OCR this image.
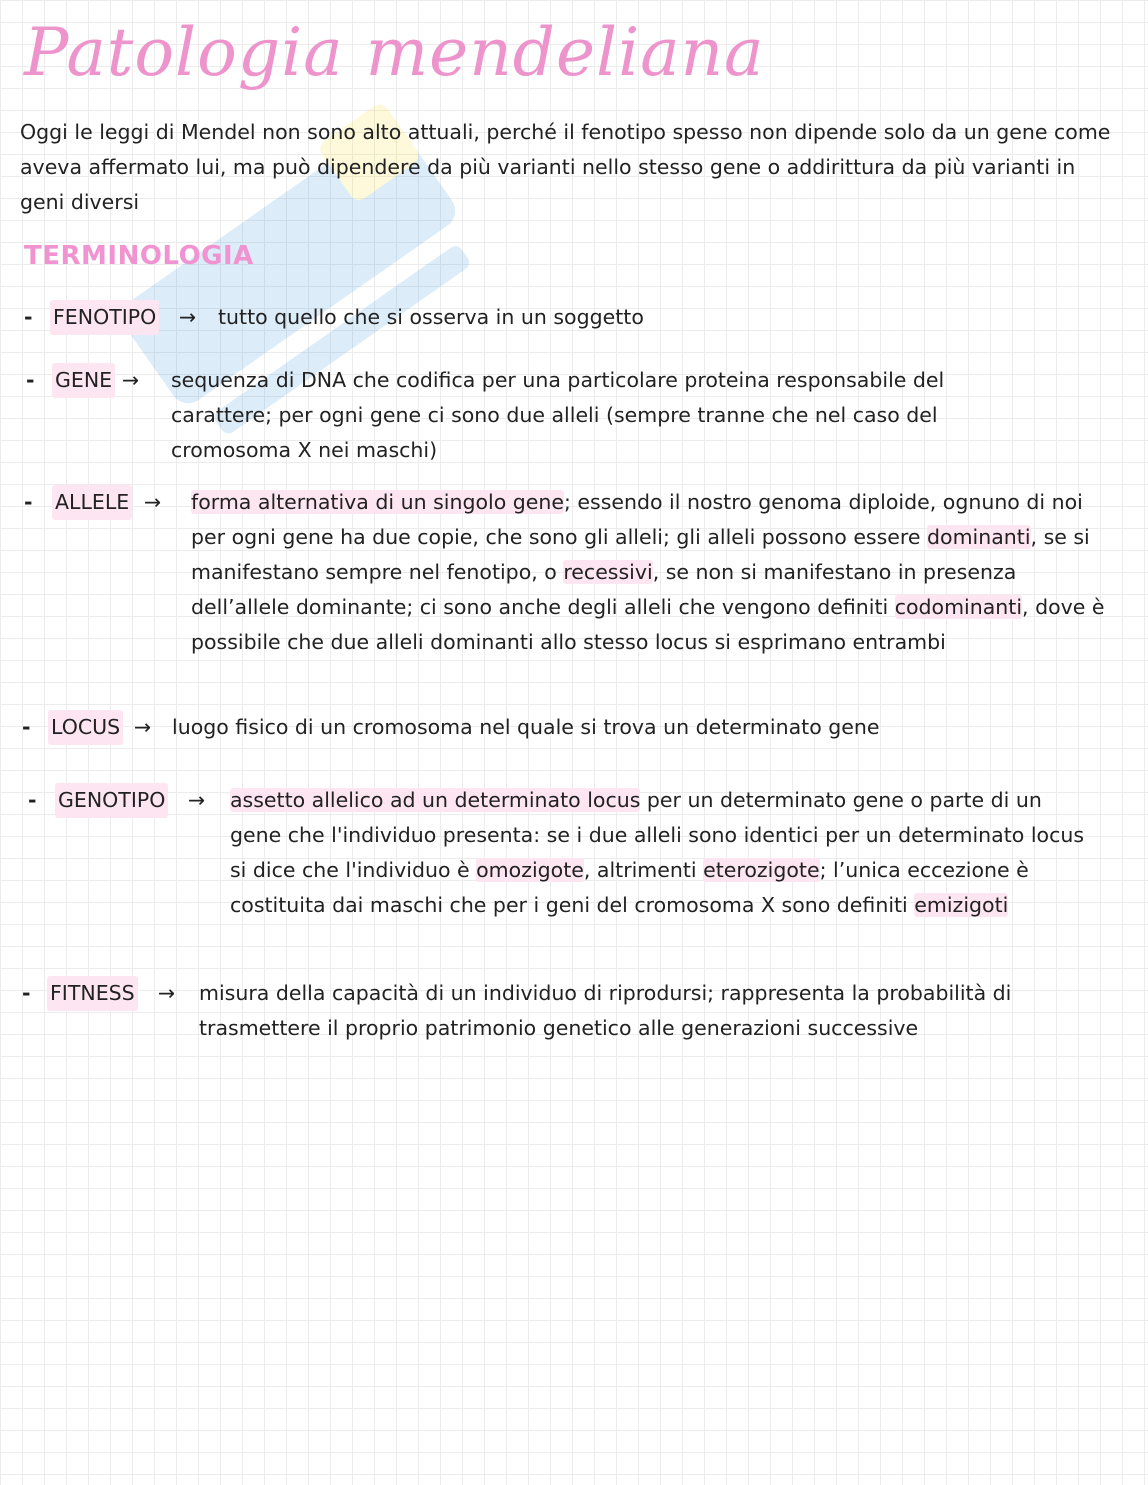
Patologia mendeliana

Oggi le leggi di Mendel non sono alto attuali, perché il fenotipo spesso non dipende solo da un gene come aveva affermato lui, ma può dipendere da più varianti nello stesso gene o addirittura da più varianti in geni diversi

TERMINOLOGIA
- FENOTIPO → tutto quello che si osserva in un soggetto

- GENE → sequenza di DNA che codifica per una particolare proteina responsabile del carattere; per ogni gene ci sono due alleli (sempre tranne che nel caso del cromosoma X nei maschi)

- ALLELE → forma alternativa di un singolo gene; essendo il nostro genoma diploide, ognuno di noi per ogni gene ha due copie, che sono gli alleli; gli alleli possono essere dominanti, se si manifestano sempre nel fenotipo, o recessivi, se non si manifestano in presenza dell’allele dominante; ci sono anche degli alleli che vengono definiti codominanti, dove è possibile che due alleli dominanti allo stesso locus si esprimano entrambi

- LOCUS → luogo fisico di un cromosoma nel quale si trova un determinato gene

- GENOTIPO → assetto allelico ad un determinato locus per un determinato gene o parte di un gene che l'individuo presenta: se i due alleli sono identici per un determinato locus si dice che l'individuo è omozigote, altrimenti eterozigote; l’unica eccezione è costituita dai maschi che per i geni del cromosoma X sono definiti emizigoti

- FITNESS → misura della capacità di un individuo di riprodursi; rappresenta la probabilità di trasmettere il proprio patrimonio genetico alle generazioni successive
